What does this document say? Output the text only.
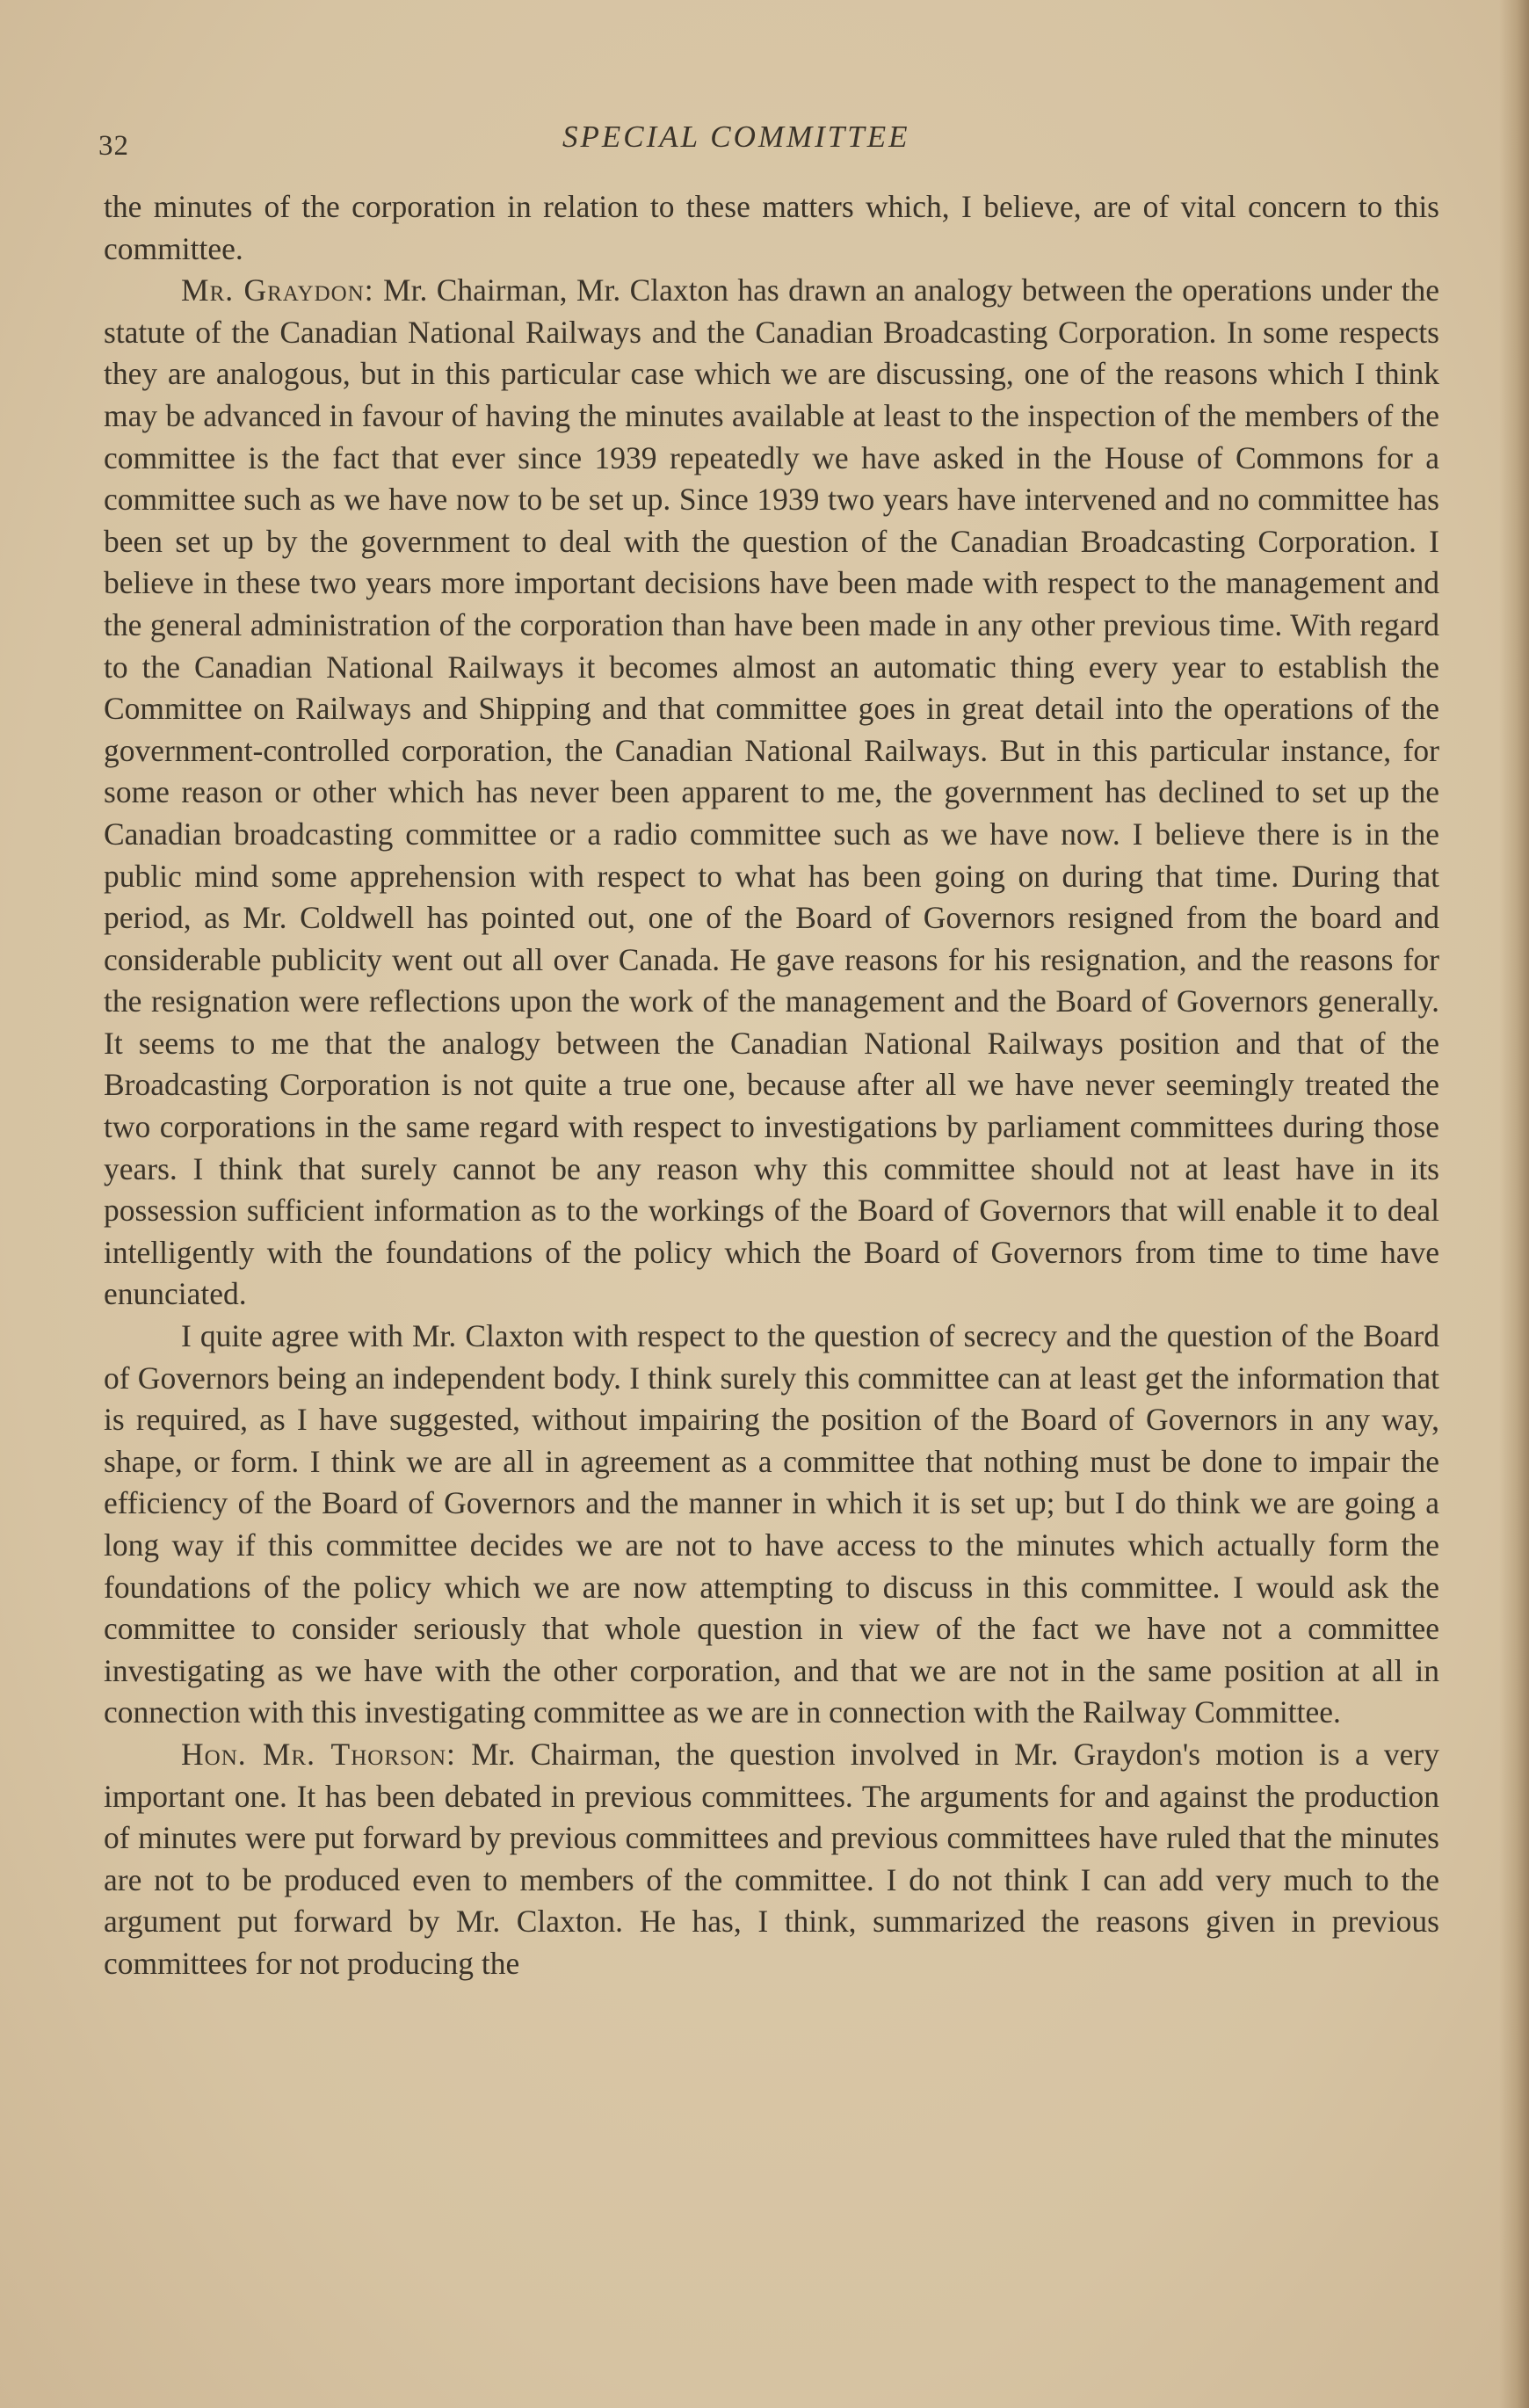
32	SPECIAL COMMITTEE

the minutes of the corporation in relation to these matters which, I believe, are of vital concern to this committee.

Mr. Graydon: Mr. Chairman, Mr. Claxton has drawn an analogy between the operations under the statute of the Canadian National Railways and the Canadian Broadcasting Corporation. In some respects they are analogous, but in this particular case which we are discussing, one of the reasons which I think may be advanced in favour of having the minutes available at least to the inspection of the members of the committee is the fact that ever since 1939 repeatedly we have asked in the House of Commons for a committee such as we have now to be set up. Since 1939 two years have intervened and no committee has been set up by the government to deal with the question of the Canadian Broadcasting Corporation. I believe in these two years more important decisions have been made with respect to the management and the general administration of the corporation than have been made in any other previous time. With regard to the Canadian National Railways it becomes almost an automatic thing every year to establish the Committee on Railways and Shipping and that committee goes in great detail into the operations of the government-controlled corporation, the Canadian National Railways. But in this particular instance, for some reason or other which has never been apparent to me, the government has declined to set up the Canadian broadcasting committee or a radio committee such as we have now. I believe there is in the public mind some apprehension with respect to what has been going on during that time. During that period, as Mr. Coldwell has pointed out, one of the Board of Governors resigned from the board and considerable publicity went out all over Canada. He gave reasons for his resignation, and the reasons for the resignation were reflections upon the work of the management and the Board of Governors generally. It seems to me that the analogy between the Canadian National Railways position and that of the Broadcasting Corporation is not quite a true one, because after all we have never seemingly treated the two corporations in the same regard with respect to investigations by parliament committees during those years. I think that surely cannot be any reason why this committee should not at least have in its possession sufficient information as to the workings of the Board of Governors that will enable it to deal intelligently with the foundations of the policy which the Board of Governors from time to time have enunciated.

I quite agree with Mr. Claxton with respect to the question of secrecy and the question of the Board of Governors being an independent body. I think surely this committee can at least get the information that is required, as I have suggested, without impairing the position of the Board of Governors in any way, shape, or form. I think we are all in agreement as a committee that nothing must be done to impair the efficiency of the Board of Governors and the manner in which it is set up; but I do think we are going a long way if this committee decides we are not to have access to the minutes which actually form the foundations of the policy which we are now attempting to discuss in this committee. I would ask the committee to consider seriously that whole question in view of the fact we have not a committee investigating as we have with the other corporation, and that we are not in the same position at all in connection with this investigating committee as we are in connection with the Railway Committee.

Hon. Mr. Thorson: Mr. Chairman, the question involved in Mr. Graydon's motion is a very important one. It has been debated in previous committees. The arguments for and against the production of minutes were put forward by previous committees and previous committees have ruled that the minutes are not to be produced even to members of the committee. I do not think I can add very much to the argument put forward by Mr. Claxton. He has, I think, summarized the reasons given in previous committees for not producing the
